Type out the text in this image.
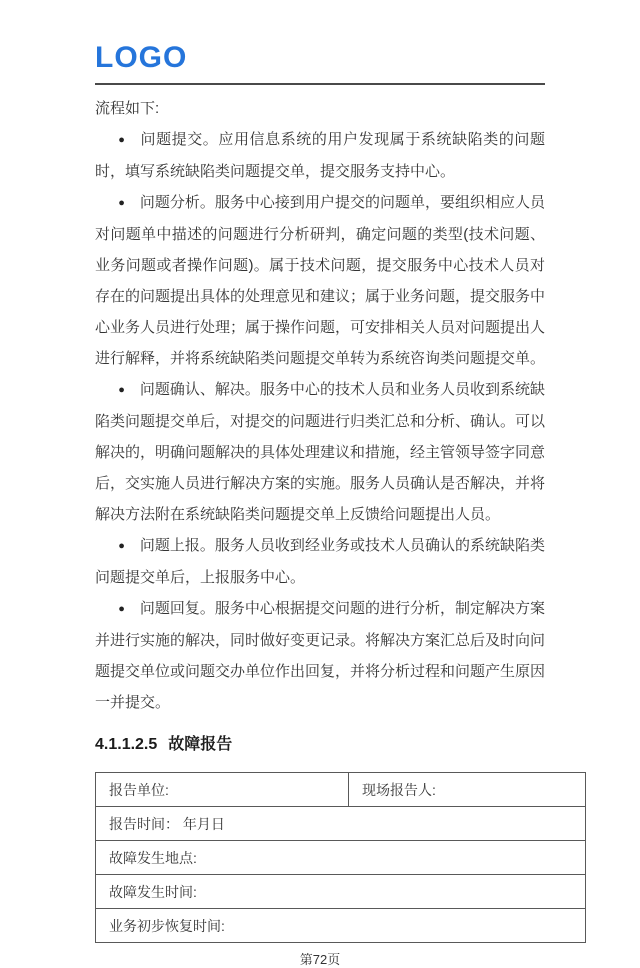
LOGO

流程如下:

● 问题提交。应用信息系统的用户发现属于系统缺陷类的问题时，填写系统缺陷类问题提交单，提交服务支持中心。

● 问题分析。服务中心接到用户提交的问题单，要组织相应人员对问题单中描述的问题进行分析研判，确定问题的类型(技术问题、业务问题或者操作问题)。属于技术问题，提交服务中心技术人员对存在的问题提出具体的处理意见和建议；属于业务问题，提交服务中心业务人员进行处理；属于操作问题，可安排相关人员对问题提出人进行解释，并将系统缺陷类问题提交单转为系统咨询类问题提交单。

● 问题确认、解决。服务中心的技术人员和业务人员收到系统缺陷类问题提交单后，对提交的问题进行归类汇总和分析、确认。可以解决的，明确问题解决的具体处理建议和措施，经主管领导签字同意后，交实施人员进行解决方案的实施。服务人员确认是否解决，并将解决方法附在系统缺陷类问题提交单上反馈给问题提出人员。

● 问题上报。服务人员收到经业务或技术人员确认的系统缺陷类问题提交单后，上报服务中心。

● 问题回复。服务中心根据提交问题的进行分析，制定解决方案并进行实施的解决，同时做好变更记录。将解决方案汇总后及时向问题提交单位或问题交办单位作出回复，并将分析过程和问题产生原因一并提交。

4.1.1.2.5 故障报告
报告单位:	现场报告人:
报告时间： 年月日
故障发生地点:
故障发生时间:
业务初步恢复时间:
第72页
